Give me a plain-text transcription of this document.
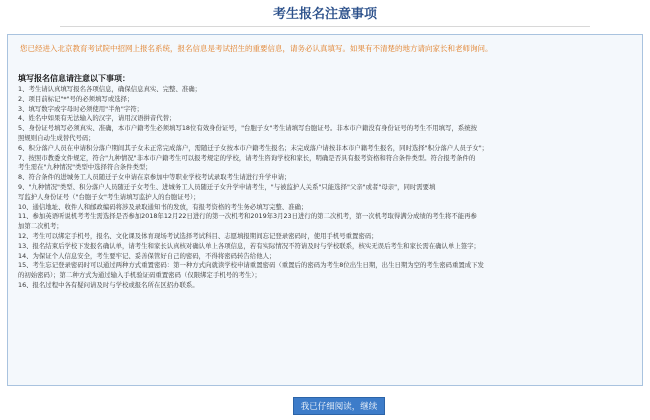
考生报名注意事项
您已经进入北京教育考试院中招网上报名系统，报名信息是考试招生的重要信息，请务必认真填写。如果有不清楚的地方请向家长和老师询问。
填写报名信息请注意以下事项：
1、考生请认真填写报名各项信息，确保信息真实、完整、准确；
2、项目前标记"*"号的必须填写或选择；
3、填写数字或字母时必须使用"半角"字符；
4、姓名中如果有无法输入的汉字，请用汉语拼音代替；
5、身份证号填写必须真实、准确，本市户籍考生必须填写18位有效身份证号，"台胞子女"考生请填写台胞证号。非本市户籍没有身份证号的考生不用填写，系统按
照规则自动生成替代号码；
6、积分落户人员在申请积分落户期间其子女未正常完成落户，需随迁子女按本市户籍考生报名；未完成落户请按非本市户籍考生报名，同时选择"积分落户人员子女"；
7、按照市教委文件规定，符合"九种情况"非本市户籍考生可以报考规定的学校，请考生咨询学校和家长，明确是否具有报考资格和符合条件类型。符合报考条件的
考生需在"九种情况"类型中选择符合条件类型；
8、符合条件的进城务工人员随迁子女申请在京参加中等职业学校考试录取考生请进行升学申请；
9、"九种情况"类型、积分落户人员随迁子女考生、进城务工人员随迁子女升学申请考生，"与被监护人关系"只能选择"父亲"或者"母亲"，同时需要填
写监护人身份证号（"台胞子女"考生请填写监护人的台胞证号）；
10、通信地址、收件人和邮政编码将涉及录取通知书的发放，有报考资格的考生务必填写完整、准确；
11、参加英语听说机考考生需选择是否参加2018年12月22日进行的第一次机考和2019年3月23日进行的第二次机考，第一次机考取得满分成绩的考生将不能再参
加第二次机考；
12、考生可以绑定手机号，报名、文化课及体育现场考试选择考试科目、志愿填报期间忘记登录密码时，使用手机号重置密码；
13、报名结束后学校下发报名确认单，请考生和家长认真核对确认单上各项信息，若有实际情况不符请及时与学校联系，核实无误后考生和家长需在确认单上签字；
14、为保证个人信息安全，考生要牢记、妥善保管好自己的密码，不得将密码转告给他人；
15、考生忘记登录密码时可以通过两种方式重置密码：第一种方式向就读学校申请重置密码（重置后的密码为考生8位出生日期，出生日期为空的考生密码重置成下发
的初始密码）；第二种方式为通过输入手机验证码重置密码（仅限绑定手机号的考生）；
16、报名过程中各有疑问请及时与学校或报名所在区招办联系。
我已仔细阅读，继续
